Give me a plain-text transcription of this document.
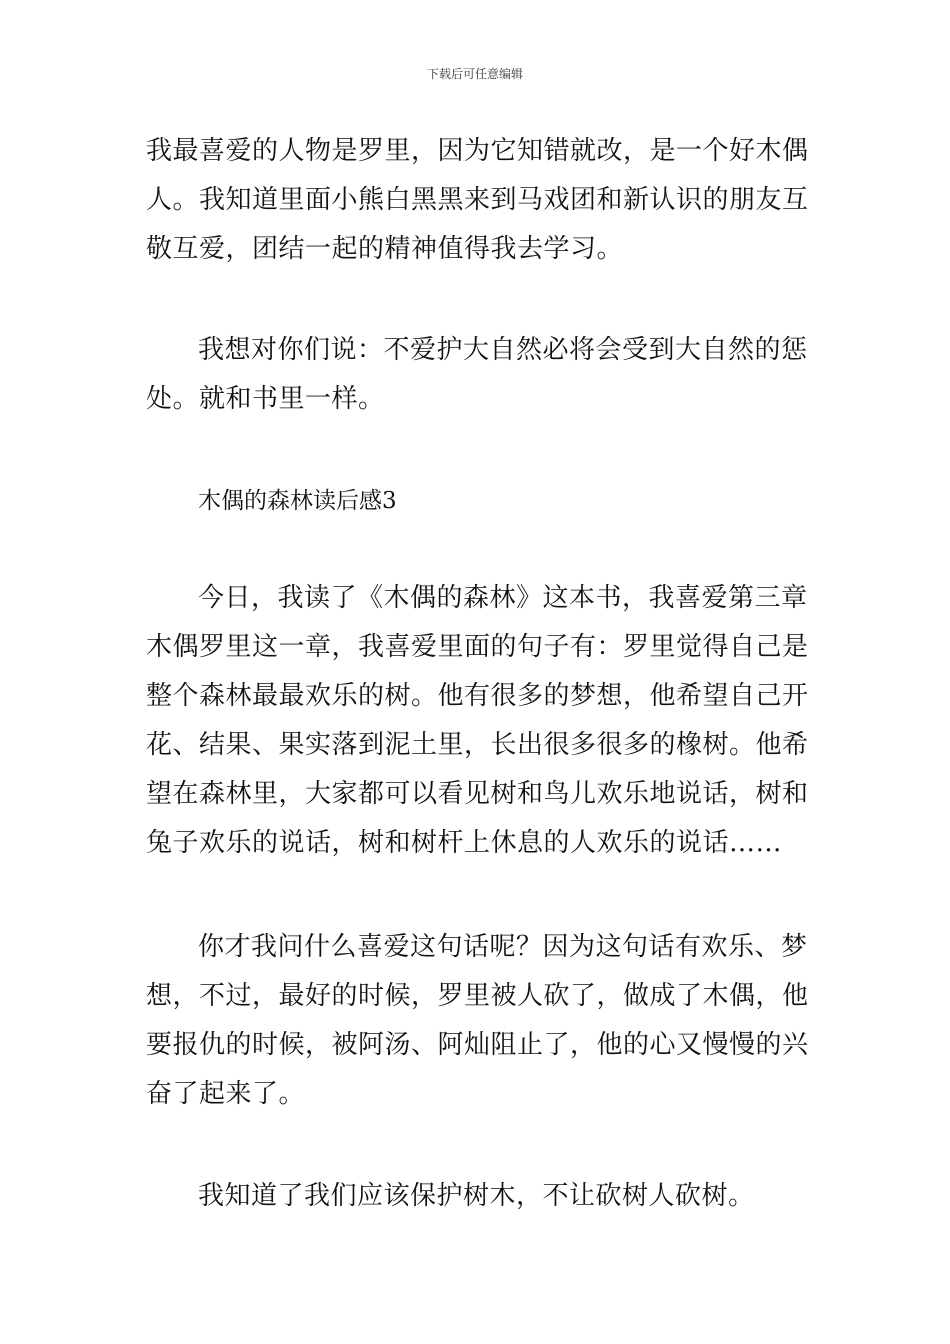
下载后可任意编辑

我最喜爱的人物是罗里，因为它知错就改，是一个好木偶人。我知道里面小熊白黑黑来到马戏团和新认识的朋友互敬互爱，团结一起的精神值得我去学习。

我想对你们说：不爱护大自然必将会受到大自然的惩处。就和书里一样。

木偶的森林读后感3

今日，我读了《木偶的森林》这本书，我喜爱第三章木偶罗里这一章，我喜爱里面的句子有：罗里觉得自己是整个森林最最欢乐的树。他有很多的梦想，他希望自己开花、结果、果实落到泥土里，长出很多很多的橡树。他希望在森林里，大家都可以看见树和鸟儿欢乐地说话，树和兔子欢乐的说话，树和树杆上休息的人欢乐的说话……

你才我问什么喜爱这句话呢？因为这句话有欢乐、梦想，不过，最好的时候，罗里被人砍了，做成了木偶，他要报仇的时候，被阿汤、阿灿阻止了，他的心又慢慢的兴奋了起来了。

我知道了我们应该保护树木，不让砍树人砍树。
